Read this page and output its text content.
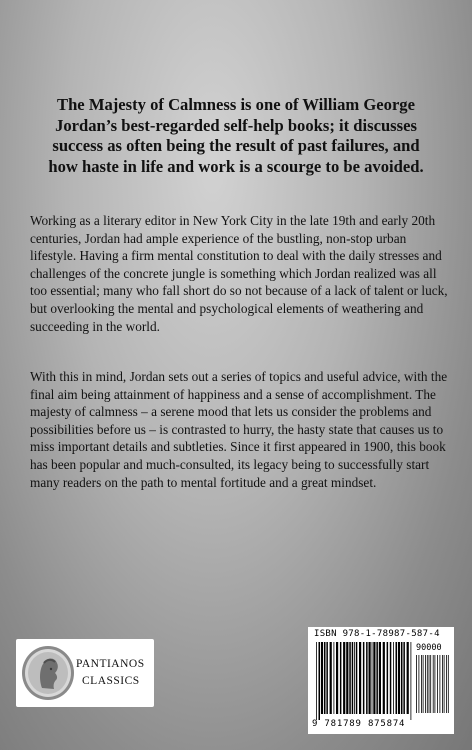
The Majesty of Calmness is one of William George Jordan’s best-regarded self-help books; it discusses success as often being the result of past failures, and how haste in life and work is a scourge to be avoided.

Working as a literary editor in New York City in the late 19th and early 20th centuries, Jordan had ample experience of the bustling, non-stop urban lifestyle. Having a firm mental constitution to deal with the daily stresses and challenges of the concrete jungle is something which Jordan realized was all too essential; many who fall short do so not because of a lack of talent or luck, but overlooking the mental and psychological elements of weathering and succeeding in the world.

With this in mind, Jordan sets out a series of topics and useful advice, with the final aim being attainment of happiness and a sense of accomplishment. The majesty of calmness – a serene mood that lets us consider the problems and possibilities before us – is contrasted to hurry, the hasty state that causes us to miss important details and subtleties. Since it first appeared in 1900, this book has been popular and much-consulted, its legacy being to successfully start many readers on the path to mental fortitude and a great mindset.

ISBN 978-1-78987-587-4
90000
9 781789 875874
PANTIANOS
CLASSICS
